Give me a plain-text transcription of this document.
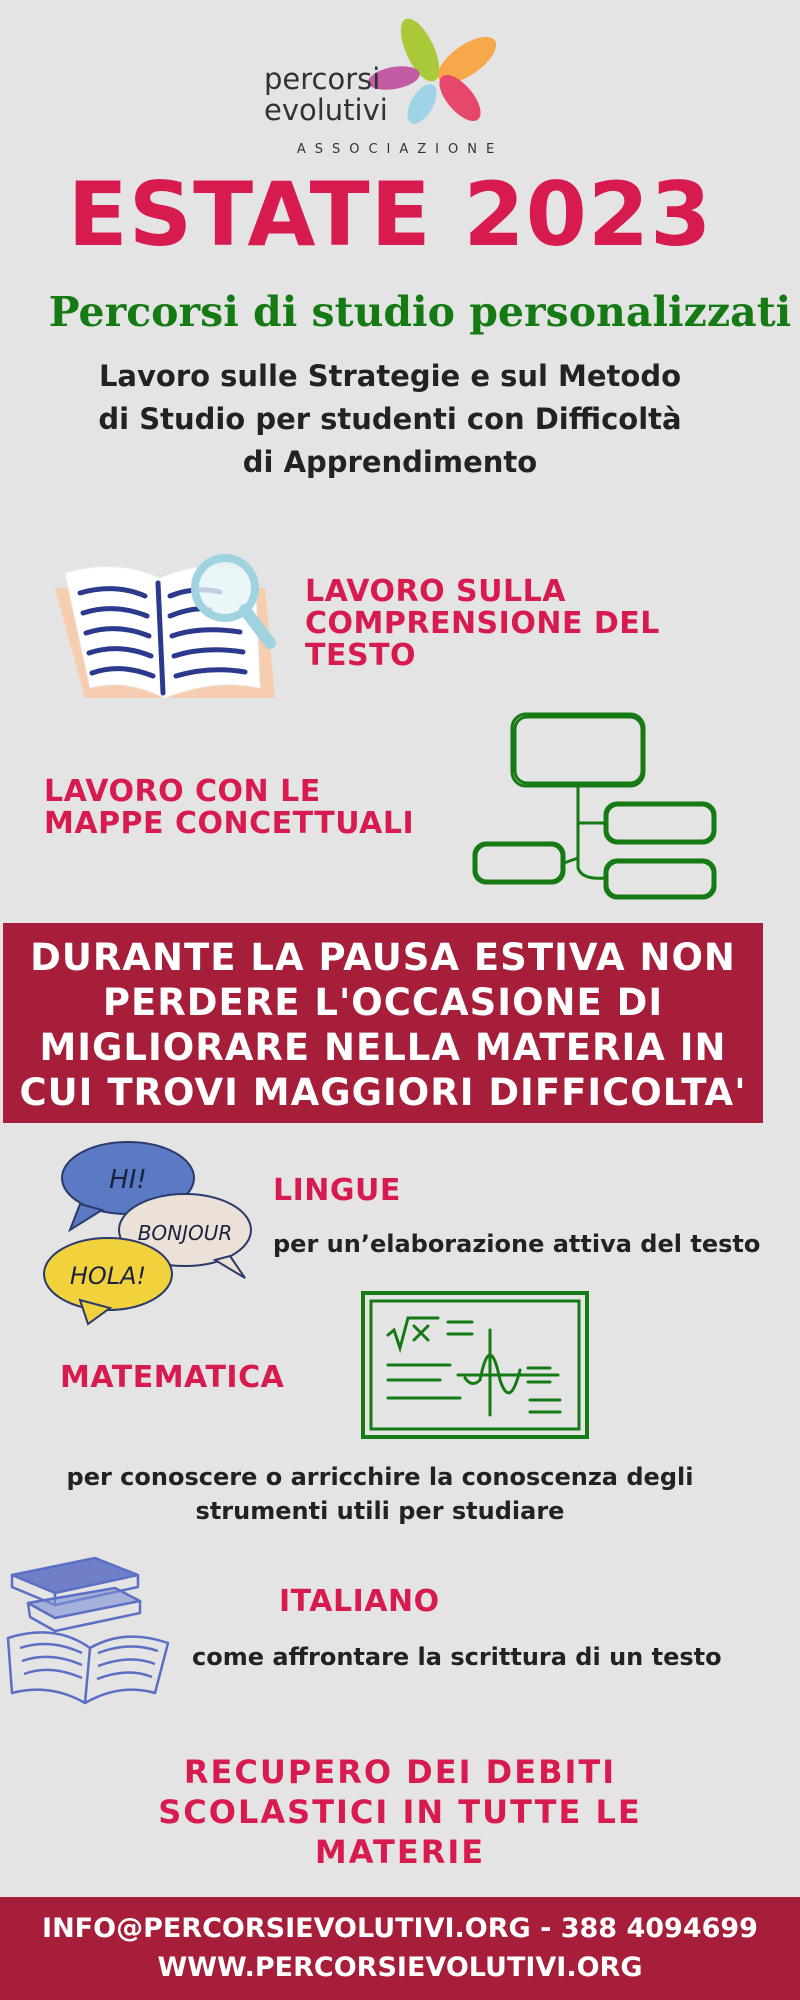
percorsi
evolutivi
ASSOCIAZIONE
ESTATE 2023
Percorsi di studio personalizzati
Lavoro sulle Strategie e sul Metodo
di Studio per studenti con Difficoltà
di Apprendimento
LAVORO SULLA
COMPRENSIONE DEL
TESTO
LAVORO CON LE
MAPPE CONCETTUALI
DURANTE LA PAUSA ESTIVA NON
PERDERE L'OCCASIONE DI
MIGLIORARE NELLA MATERIA IN
CUI TROVI MAGGIORI DIFFICOLTA'
HI!
BONJOUR
HOLA!
LINGUE
per un’elaborazione attiva del testo
MATEMATICA
per conoscere o arricchire la conoscenza degli
strumenti utili per studiare
ITALIANO
come affrontare la scrittura di un testo
RECUPERO DEI DEBITI
SCOLASTICI IN TUTTE LE
MATERIE
INFO@PERCORSIEVOLUTIVI.ORG - 388 4094699
WWW.PERCORSIEVOLUTIVI.ORG
